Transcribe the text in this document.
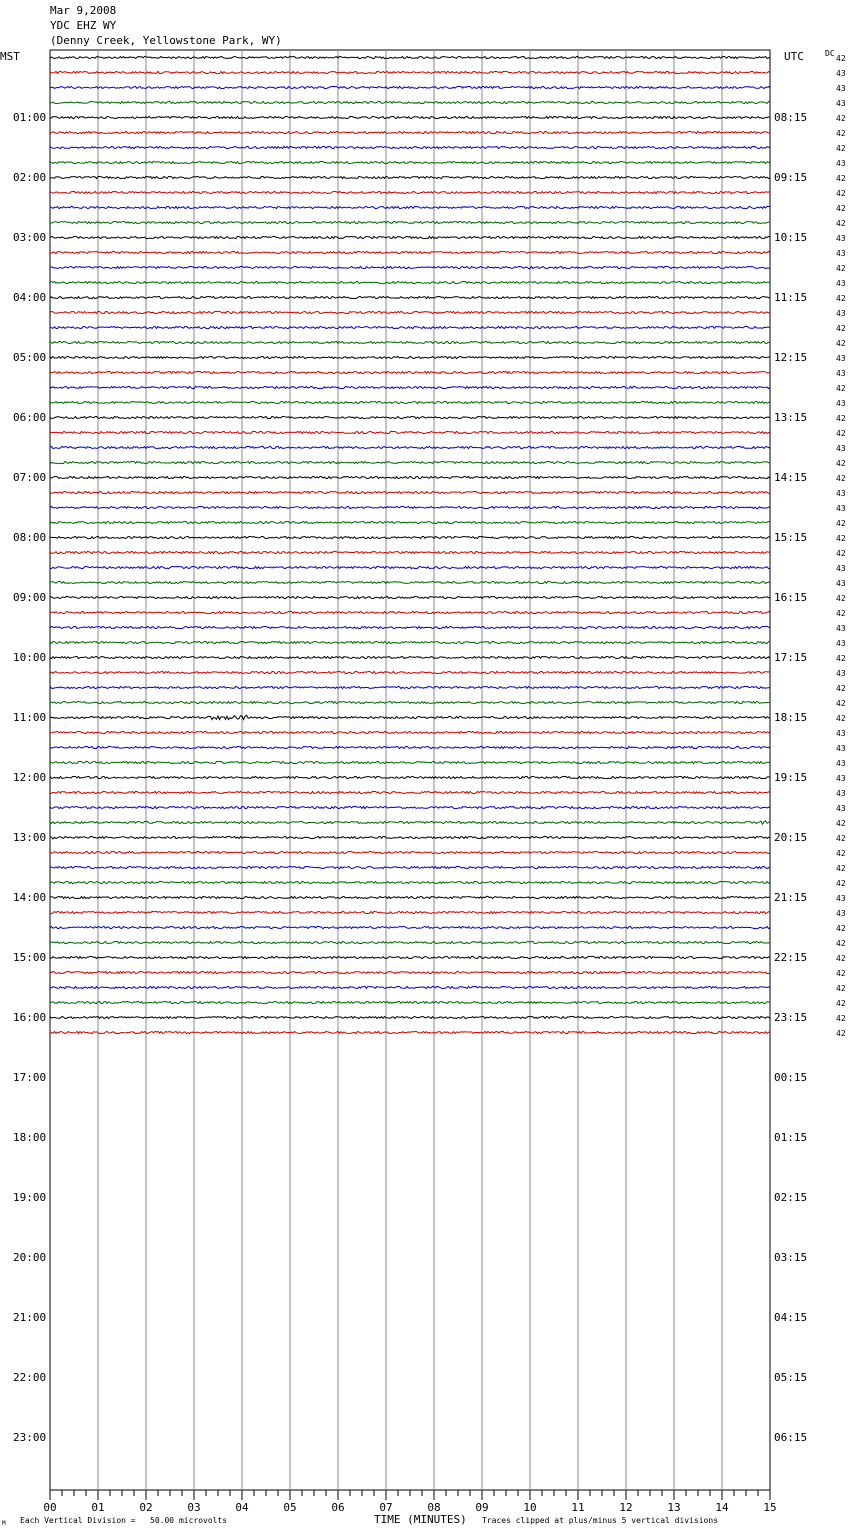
Mar 9,2008
YDC EHZ WY
(Denny Creek, Yellowstone Park, WY)
MST	UTC	DC
00	01	02	03	04	05	06	07	08	09	10	11	12	13	14	15
01:00	08:15
02:00	09:15
03:00	10:15
04:00	11:15
05:00	12:15
06:00	13:15
07:00	14:15
08:00	15:15
09:00	16:15
10:00	17:15
11:00	18:15
12:00	19:15
13:00	20:15
14:00	21:15
15:00	22:15
16:00	23:15
17:00	00:15
18:00	01:15
19:00	02:15
20:00	03:15
21:00	04:15
22:00	05:15
23:00	06:15
42
43
43
43
42
42
42
43
42
42
42
42
43
43
42
43
42
43
42
42
43
43
42
43
42
42
43
42
42
43
43
42
42
42
43
43
42
42
43
43
42
43
42
42
42
43
43
43
43
43
43
42
42
42
42
42
43
43
42
42
42
42
42
42
42
42
M Each Vertical Division =   50.00 microvolts	TIME (MINUTES) Traces clipped at plus/minus 5 vertical divisions
